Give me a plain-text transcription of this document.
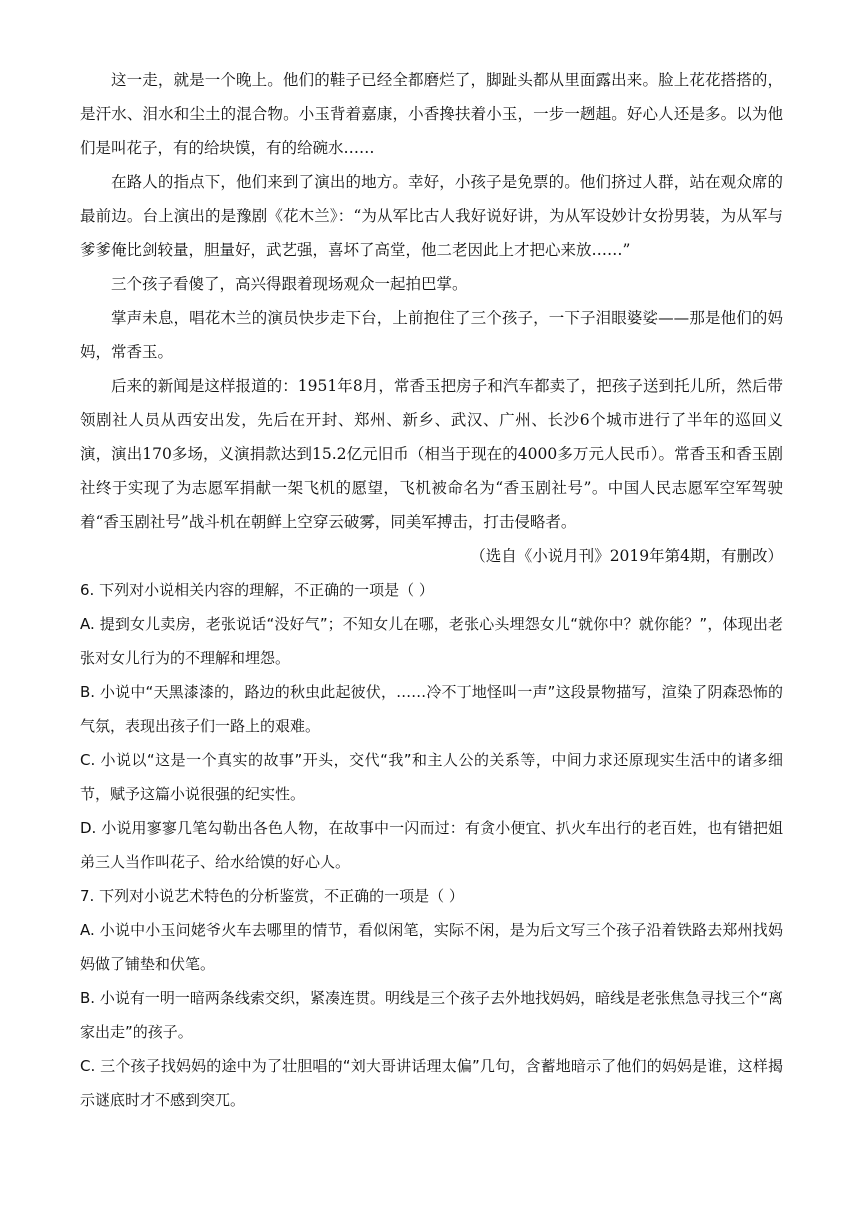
这一走，就是一个晚上。他们的鞋子已经全都磨烂了，脚趾头都从里面露出来。脸上花花搭搭的，是汗水、泪水和尘土的混合物。小玉背着嘉康，小香搀扶着小玉，一步一趔趄。好心人还是多。以为他们是叫花子，有的给块馍，有的给碗水……

在路人的指点下，他们来到了演出的地方。幸好，小孩子是免票的。他们挤过人群，站在观众席的最前边。台上演出的是豫剧《花木兰》：“为从军比古人我好说好讲，为从军设妙计女扮男装，为从军与爹爹俺比剑较量，胆量好，武艺强，喜坏了高堂，他二老因此上才把心来放……”

三个孩子看傻了，高兴得跟着现场观众一起拍巴掌。

掌声未息，唱花木兰的演员快步走下台，上前抱住了三个孩子，一下子泪眼婆娑——那是他们的妈妈，常香玉。

后来的新闻是这样报道的：1951年8月，常香玉把房子和汽车都卖了，把孩子送到托儿所，然后带领剧社人员从西安出发，先后在开封、郑州、新乡、武汉、广州、长沙6个城市进行了半年的巡回义演，演出170多场，义演捐款达到15.2亿元旧币（相当于现在的4000多万元人民币）。常香玉和香玉剧社终于实现了为志愿军捐献一架飞机的愿望，飞机被命名为“香玉剧社号”。中国人民志愿军空军驾驶着“香玉剧社号”战斗机在朝鲜上空穿云破雾，同美军搏击，打击侵略者。

（选自《小说月刊》2019年第4期，有删改）

6. 下列对小说相关内容的理解，不正确的一项是（ ）

A. 提到女儿卖房，老张说话“没好气”；不知女儿在哪，老张心头埋怨女儿“就你中？就你能？”，体现出老张对女儿行为的不理解和埋怨。

B. 小说中“天黑漆漆的，路边的秋虫此起彼伏，……冷不丁地怪叫一声”这段景物描写，渲染了阴森恐怖的气氛，表现出孩子们一路上的艰难。

C. 小说以“这是一个真实的故事”开头，交代“我”和主人公的关系等，中间力求还原现实生活中的诸多细节，赋予这篇小说很强的纪实性。

D. 小说用寥寥几笔勾勒出各色人物，在故事中一闪而过：有贪小便宜、扒火车出行的老百姓，也有错把姐弟三人当作叫花子、给水给馍的好心人。

7. 下列对小说艺术特色的分析鉴赏，不正确的一项是（ ）

A. 小说中小玉问姥爷火车去哪里的情节，看似闲笔，实际不闲，是为后文写三个孩子沿着铁路去郑州找妈妈做了铺垫和伏笔。

B. 小说有一明一暗两条线索交织，紧凑连贯。明线是三个孩子去外地找妈妈，暗线是老张焦急寻找三个“离家出走”的孩子。

C. 三个孩子找妈妈的途中为了壮胆唱的“刘大哥讲话理太偏”几句，含蓄地暗示了他们的妈妈是谁，这样揭示谜底时才不感到突兀。
